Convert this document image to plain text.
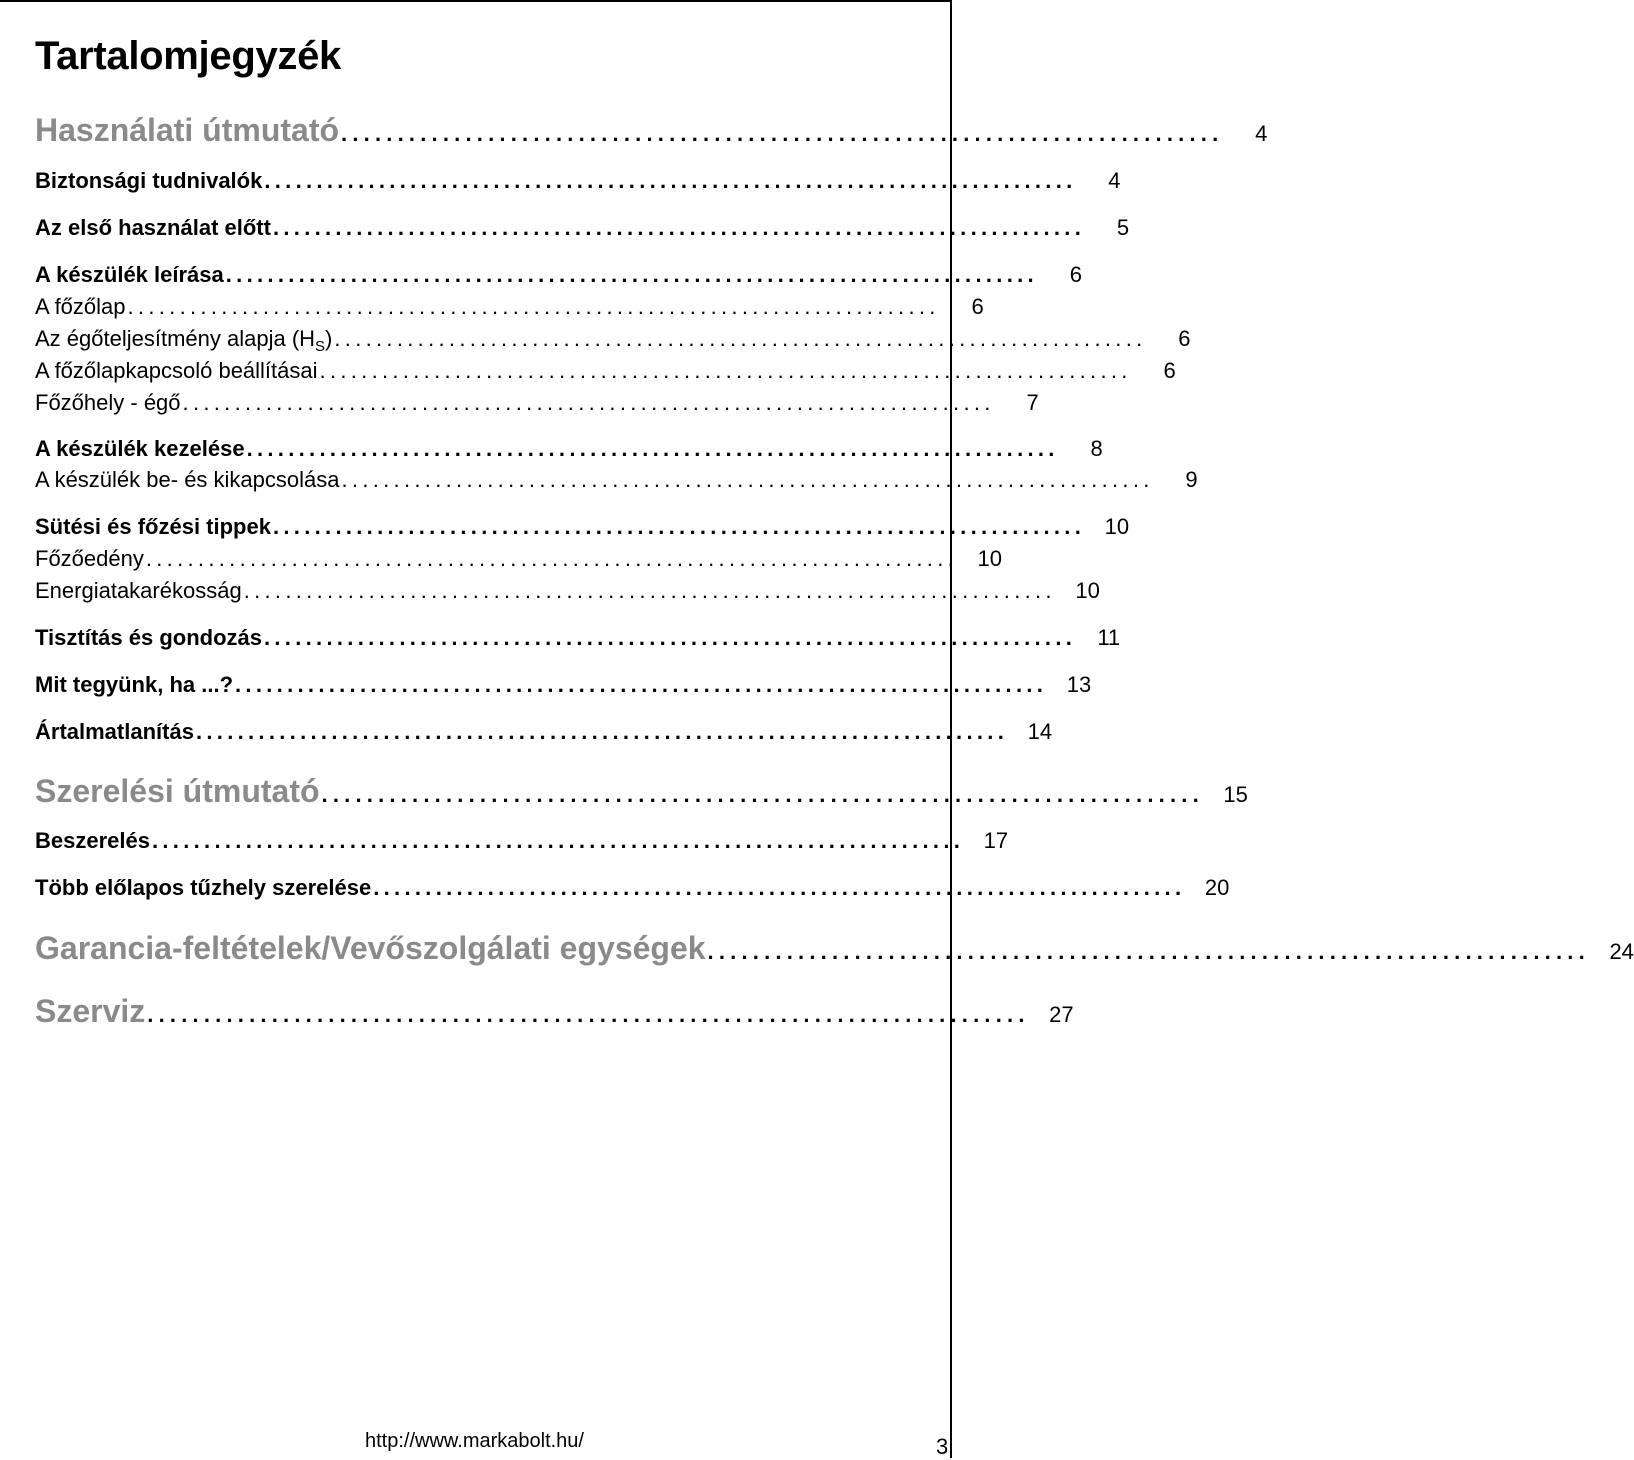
Tartalomjegyzék
Használati útmutató ..............................................................................	4
Biztonsági tudnivalók ..............................................................................	4
Az első használat előtt ..............................................................................	5
A készülék leírása ..............................................................................	6
A főzőlap ..............................................................................	6
Az égőteljesítmény alapja $(H_S)$ ..............................................................................	6
A főzőlapkapcsoló beállításai ..............................................................................	6
Főzőhely - égő ..............................................................................	7
A készülék kezelése ..............................................................................	8
A készülék be- és kikapcsolása ..............................................................................	9
Sütési és főzési tippek .............................................................................. 10
Főzőedény .............................................................................. 10
Energiatakarékosság .............................................................................. 10
Tisztítás és gondozás .............................................................................. 11
Mit tegyünk, ha ...? .............................................................................. 13
Ártalmatlanítás .............................................................................. 14
Szerelési útmutató .............................................................................. 15
Beszerelés .............................................................................. 17
Több előlapos tűzhely szerelése .............................................................................. 20
Garancia-feltételek/Vevőszolgálati egységek .............................................................................. 24
Szerviz .............................................................................. 27
http://www.markabolt.hu/	3
